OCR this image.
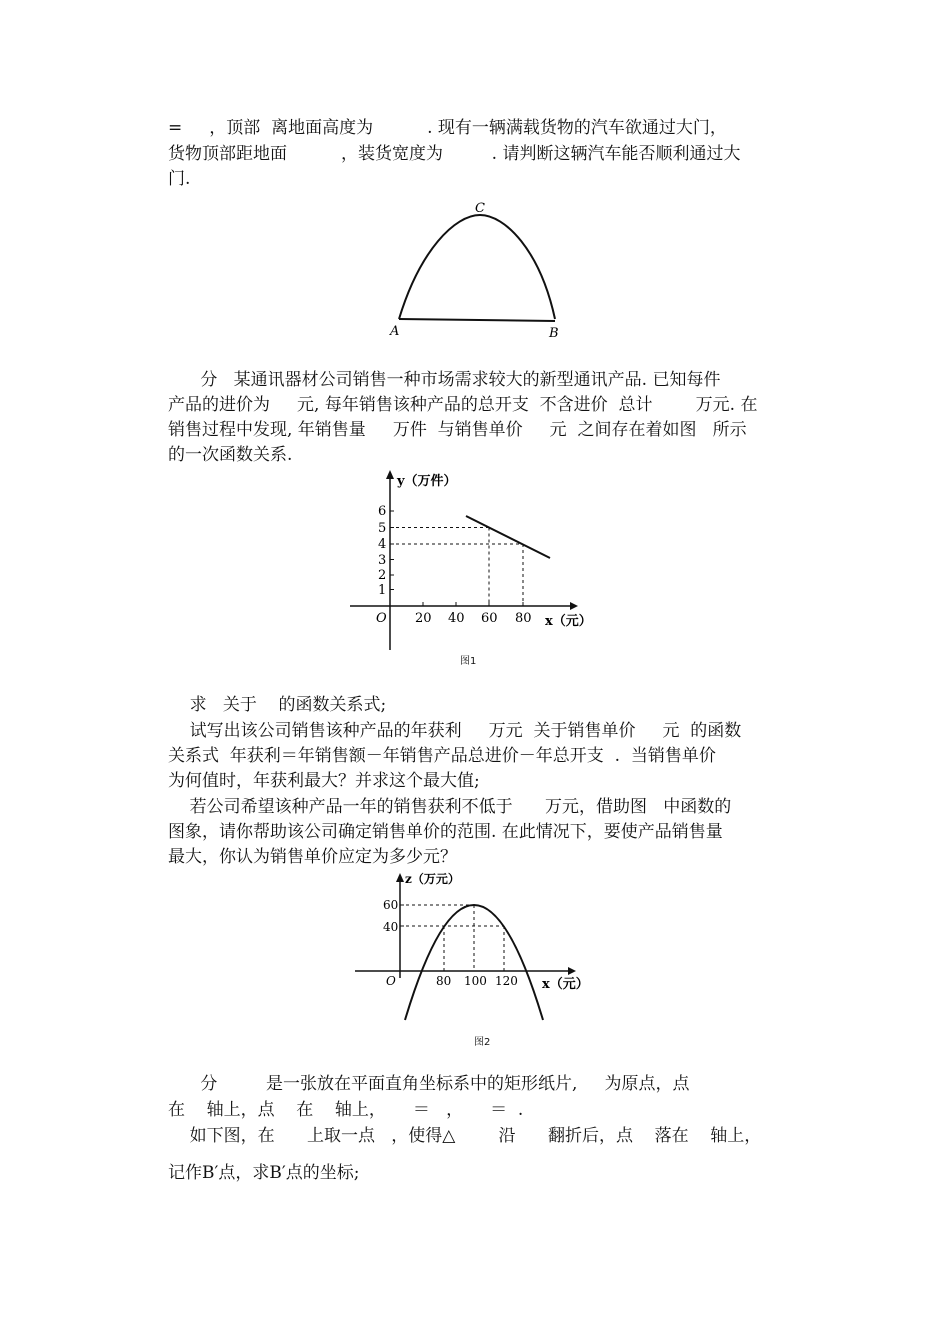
=     ，顶部  离地面高度为          . 现有一辆满载货物的汽车欲通过大门，
货物顶部距地面          ，装货宽度为         . 请判断这辆汽车能否顺利通过大
门.
A	B
C
分   某通讯器材公司销售一种市场需求较大的新型通讯产品. 已知每件
产品的进价为     元, 每年销售该种产品的总开支  不含进价  总计        万元. 在
销售过程中发现, 年销售量     万件  与销售单价     元  之间存在着如图   所示
的一次函数关系.
y（万件）
x（元）
O
1
2
3
4
5
6
20 40 60 80
图1
求   关于    的函数关系式;
试写出该公司销售该种产品的年获利     万元  关于销售单价     元  的函数
关系式  年获利＝年销售额－年销售产品总进价－年总开支  .  当销售单价
为何值时，年获利最大？并求这个最大值;
若公司希望该种产品一年的销售获利不低于      万元，借助图   中函数的
图象，请你帮助该公司确定销售单价的范围. 在此情况下，要使产品销售量
最大，你认为销售单价应定为多少元？
z（万元）
x（元）
O
40
60
80 100 120
图2
分         是一张放在平面直角坐标系中的矩形纸片,     为原点，点
在    轴上，点    在    轴上，     ＝   ，     ＝  .
如下图，在      上取一点   ，使得△        沿      翻折后，点    落在    轴上，
记作B′点，求B′点的坐标;
